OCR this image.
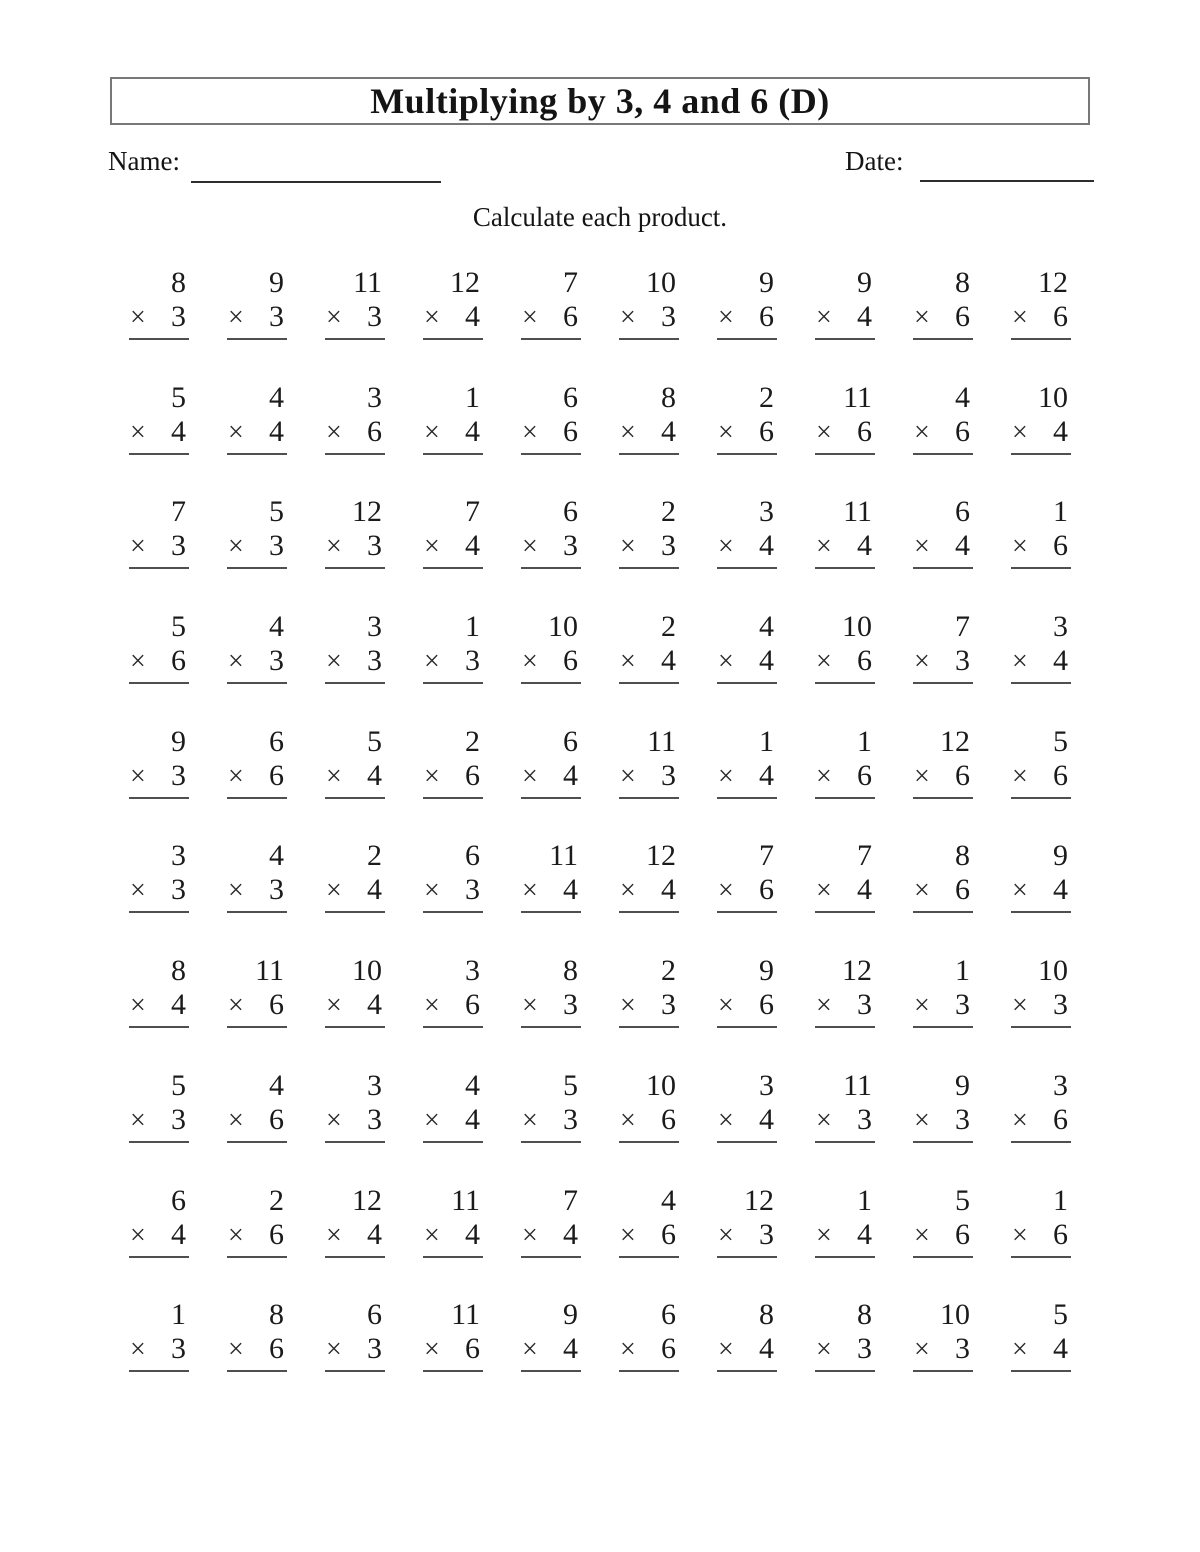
Multiplying by 3, 4 and 6 (D)
Name:	Date:
Calculate each product.
8
× 3
9
× 3
11
× 3
12
× 4
7
× 6
10
× 3
9
× 6
9
× 4
8
× 6
12
× 6
5
× 4
4
× 4
3
× 6
1
× 4
6
× 6
8
× 4
2
× 6
11
× 6
4
× 6
10
× 4
7
× 3
5
× 3
12
× 3
7
× 4
6
× 3
2
× 3
3
× 4
11
× 4
6
× 4
1
× 6
5
× 6
4
× 3
3
× 3
1
× 3
10
× 6
2
× 4
4
× 4
10
× 6
7
× 3
3
× 4
9
× 3
6
× 6
5
× 4
2
× 6
6
× 4
11
× 3
1
× 4
1
× 6
12
× 6
5
× 6
3
× 3
4
× 3
2
× 4
6
× 3
11
× 4
12
× 4
7
× 6
7
× 4
8
× 6
9
× 4
8
× 4
11
× 6
10
× 4
3
× 6
8
× 3
2
× 3
9
× 6
12
× 3
1
× 3
10
× 3
5
× 3
4
× 6
3
× 3
4
× 4
5
× 3
10
× 6
3
× 4
11
× 3
9
× 3
3
× 6
6
× 4
2
× 6
12
× 4
11
× 4
7
× 4
4
× 6
12
× 3
1
× 4
5
× 6
1
× 6
1
× 3
8
× 6
6
× 3
11
× 6
9
× 4
6
× 6
8
× 4
8
× 3
10
× 3
5
× 4
